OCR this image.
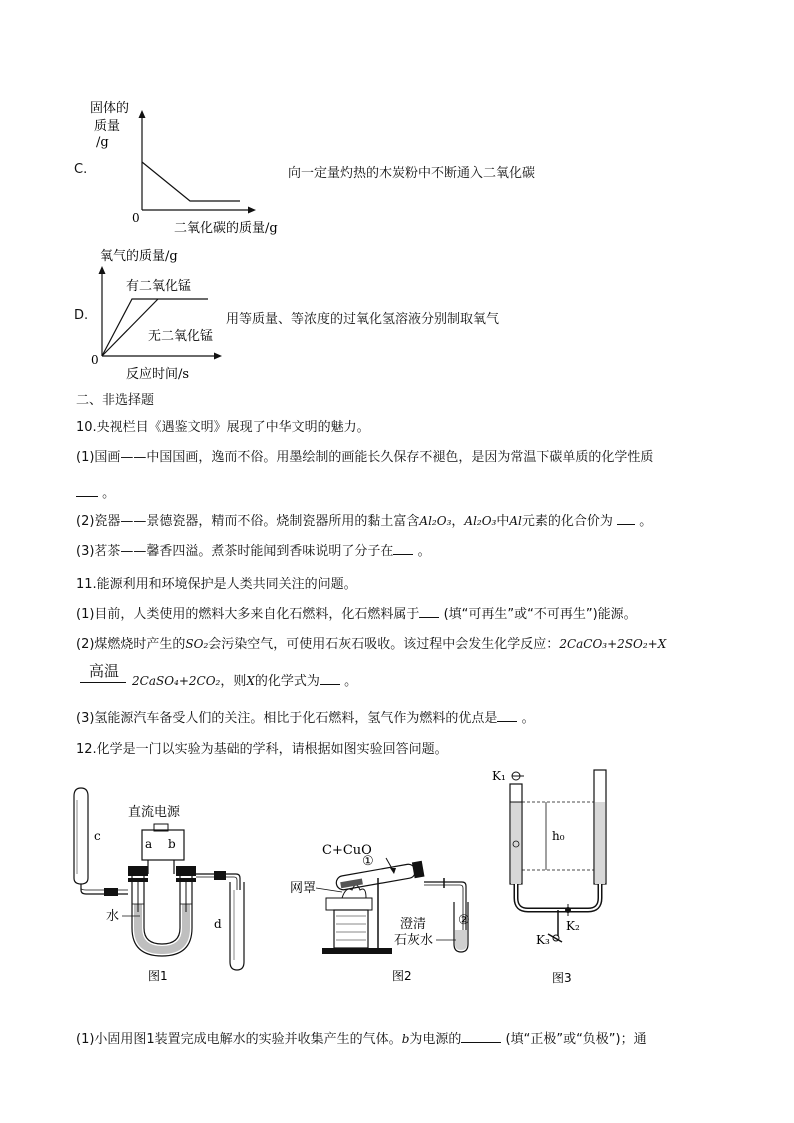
C.
固体的
质量
/g
0
二氧化碳的质量/g
向一定量灼热的木炭粉中不断通入二氧化碳
D.
氧气的质量/g
有二氧化锰
无二氧化锰
0
反应时间/s
用等质量、等浓度的过氧化氢溶液分别制取氧气
二、非选择题
10.央视栏目《遇鉴文明》展现了中华文明的魅力。
(1)国画——中国国画，逸而不俗。用墨绘制的画能长久保存不褪色，是因为常温下碳单质的化学性质
。
(2)瓷器——景德瓷器，精而不俗。烧制瓷器所用的黏土富含Al₂O₃，Al₂O₃中Al元素的化合价为 。
(3)茗茶——馨香四溢。煮茶时能闻到香味说明了分子在 。
11.能源利用和环境保护是人类共同关注的问题。
(1)目前，人类使用的燃料大多来自化石燃料，化石燃料属于 (填“可再生”或“不可再生”)能源。
(2)煤燃烧时产生的SO₂会污染空气，可使用石灰石吸收。该过程中会发生化学反应：2CaCO₃+2SO₂+X
高温
2CaSO₄+2CO₂，则X的化学式为 。
(3)氢能源汽车备受人们的关注。相比于化石燃料，氢气作为燃料的优点是 。
12.化学是一门以实验为基础的学科，请根据如图实验回答问题。
c
直流电源
a b
水	d
图1
C+CuO
①
网罩
②
澄清
石灰水
图2
K₁
h₀
K₂
K₃
图3
(1)小固用图1装置完成电解水的实验并收集产生的气体。b为电源的	(填“正极”或“负极”)；通
